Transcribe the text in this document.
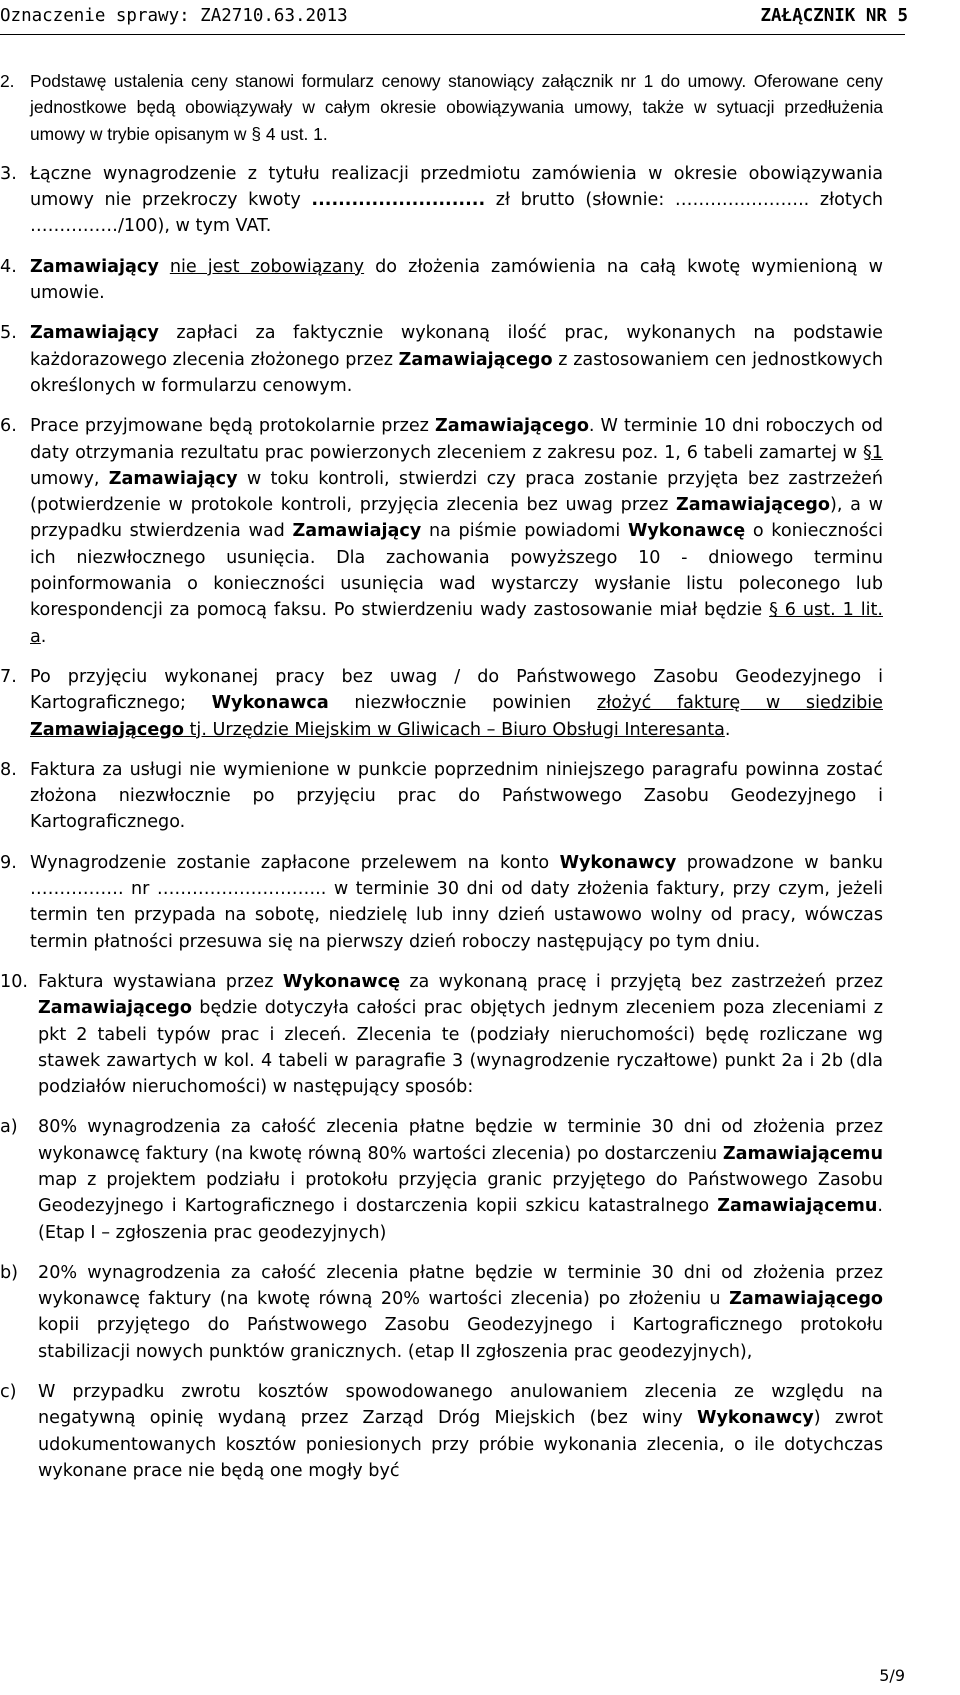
Oznaczenie sprawy: ZA2710.63.2013	ZAŁĄCZNIK NR 5
2. Podstawę ustalenia ceny stanowi formularz cenowy stanowiący załącznik nr 1 do umowy. Oferowane ceny jednostkowe będą obowiązywały w całym okresie obowiązywania umowy, także w sytuacji przedłużenia umowy w trybie opisanym w § 4 ust. 1.
3. Łączne wynagrodzenie z tytułu realizacji przedmiotu zamówienia w okresie obowiązywania umowy nie przekroczy kwoty .......................... zł brutto (słownie: ………………….. złotych ……………/100), w tym VAT.
4. Zamawiający nie jest zobowiązany do złożenia zamówienia na całą kwotę wymienioną w umowie.
5. Zamawiający zapłaci za faktycznie wykonaną ilość prac, wykonanych na podstawie każdorazowego zlecenia złożonego przez Zamawiającego z zastosowaniem cen jednostkowych określonych w formularzu cenowym.
6. Prace przyjmowane będą protokolarnie przez Zamawiającego. W terminie 10 dni roboczych od daty otrzymania rezultatu prac powierzonych zleceniem z zakresu poz. 1, 6 tabeli zamartej w §1 umowy, Zamawiający w toku kontroli, stwierdzi czy praca zostanie przyjęta bez zastrzeżeń (potwierdzenie w protokole kontroli, przyjęcia zlecenia bez uwag przez Zamawiającego), a w przypadku stwierdzenia wad Zamawiający na piśmie powiadomi Wykonawcę o konieczności ich niezwłocznego usunięcia. Dla zachowania powyższego 10 - dniowego terminu poinformowania o konieczności usunięcia wad wystarczy wysłanie listu poleconego lub korespondencji za pomocą faksu. Po stwierdzeniu wady zastosowanie miał będzie § 6 ust. 1 lit. a.
7. Po przyjęciu wykonanej pracy bez uwag / do Państwowego Zasobu Geodezyjnego i Kartograficznego; Wykonawca niezwłocznie powinien złożyć fakturę w siedzibie Zamawiającego tj. Urzędzie Miejskim w Gliwicach – Biuro Obsługi Interesanta.
8. Faktura za usługi nie wymienione w punkcie poprzednim niniejszego paragrafu powinna zostać złożona niezwłocznie po przyjęciu prac do Państwowego Zasobu Geodezyjnego i Kartograficznego.
9. Wynagrodzenie zostanie zapłacone przelewem na konto Wykonawcy prowadzone w banku ……………. nr ……………………….. w terminie 30 dni od daty złożenia faktury, przy czym, jeżeli termin ten przypada na sobotę, niedzielę lub inny dzień ustawowo wolny od pracy, wówczas termin płatności przesuwa się na pierwszy dzień roboczy następujący po tym dniu.
10. Faktura wystawiana przez Wykonawcę za wykonaną pracę i przyjętą bez zastrzeżeń przez Zamawiającego będzie dotyczyła całości prac objętych jednym zleceniem poza zleceniami z pkt 2 tabeli typów prac i zleceń. Zlecenia te (podziały nieruchomości) będę rozliczane wg stawek zawartych w kol. 4 tabeli w paragrafie 3 (wynagrodzenie ryczałtowe) punkt 2a i 2b (dla podziałów nieruchomości) w następujący sposób:
a) 80% wynagrodzenia za całość zlecenia płatne będzie w terminie 30 dni od złożenia przez wykonawcę faktury (na kwotę równą 80% wartości zlecenia) po dostarczeniu Zamawiającemu map z projektem podziału i protokołu przyjęcia granic przyjętego do Państwowego Zasobu Geodezyjnego i Kartograficznego i dostarczenia kopii szkicu katastralnego Zamawiającemu. (Etap I – zgłoszenia prac geodezyjnych)
b) 20% wynagrodzenia za całość zlecenia płatne będzie w terminie 30 dni od złożenia przez wykonawcę faktury (na kwotę równą 20% wartości zlecenia) po złożeniu u Zamawiającego kopii przyjętego do Państwowego Zasobu Geodezyjnego i Kartograficznego protokołu stabilizacji nowych punktów granicznych. (etap II zgłoszenia prac geodezyjnych),
c) W przypadku zwrotu kosztów spowodowanego anulowaniem zlecenia ze względu na negatywną opinię wydaną przez Zarząd Dróg Miejskich (bez winy Wykonawcy) zwrot udokumentowanych kosztów poniesionych przy próbie wykonania zlecenia, o ile dotychczas wykonane prace nie będą one mogły być
5/9
